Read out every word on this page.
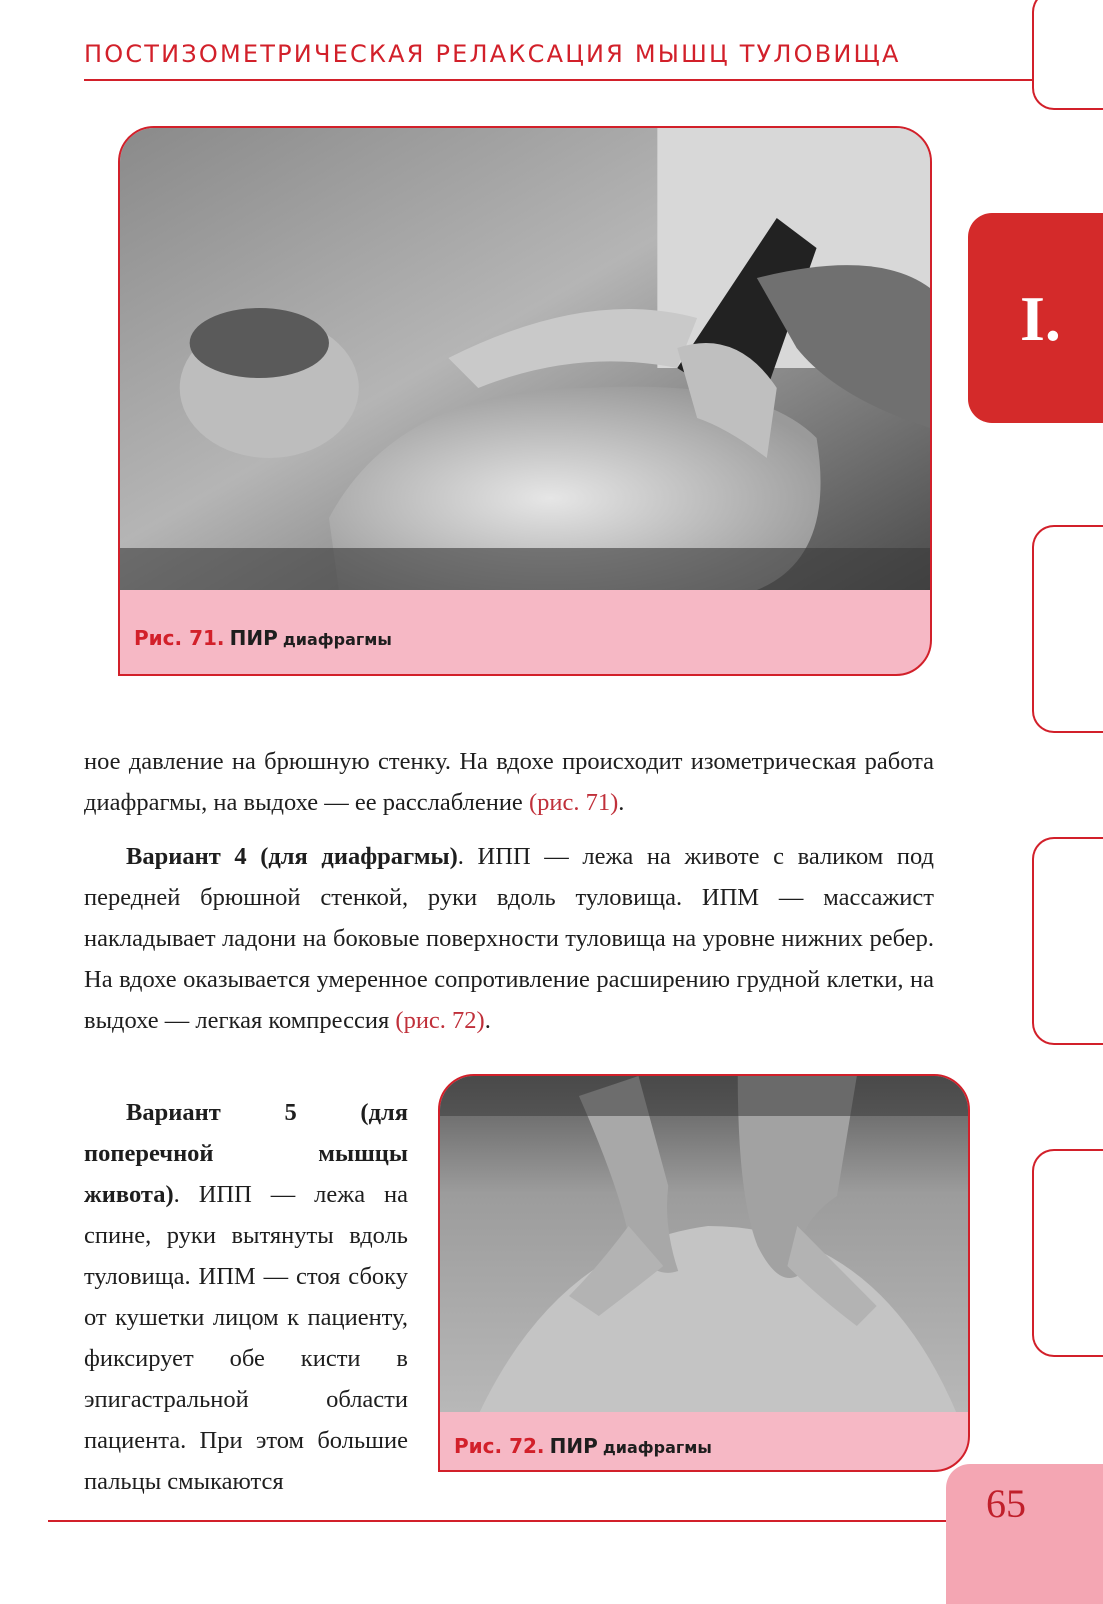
ПОСТИЗОМЕТРИЧЕСКАЯ РЕЛАКСАЦИЯ МЫШЦ ТУЛОВИЩА
I.
Рис. 71. ПИР диафрагмы

ное давление на брюшную стенку. На вдохе происходит изометрическая работа диафрагмы, на выдохе — ее расслабление (рис. 71).

Вариант 4 (для диафрагмы). ИПП — лежа на животе с валиком под передней брюшной стенкой, руки вдоль туловища. ИПМ — массажист накладывает ладони на боковые поверхности туловища на уровне нижних ребер. На вдохе оказывается умеренное сопротивление расширению грудной клетки, на выдохе — легкая компрессия (рис. 72).

Вариант 5 (для поперечной мышцы живота). ИПП — лежа на спине, руки вытянуты вдоль туловища. ИПМ — стоя сбоку от кушетки лицом к пациенту, фиксирует обе кисти в эпигастральной области пациента. При этом большие пальцы смыкаются

Рис. 72. ПИР диафрагмы
65
